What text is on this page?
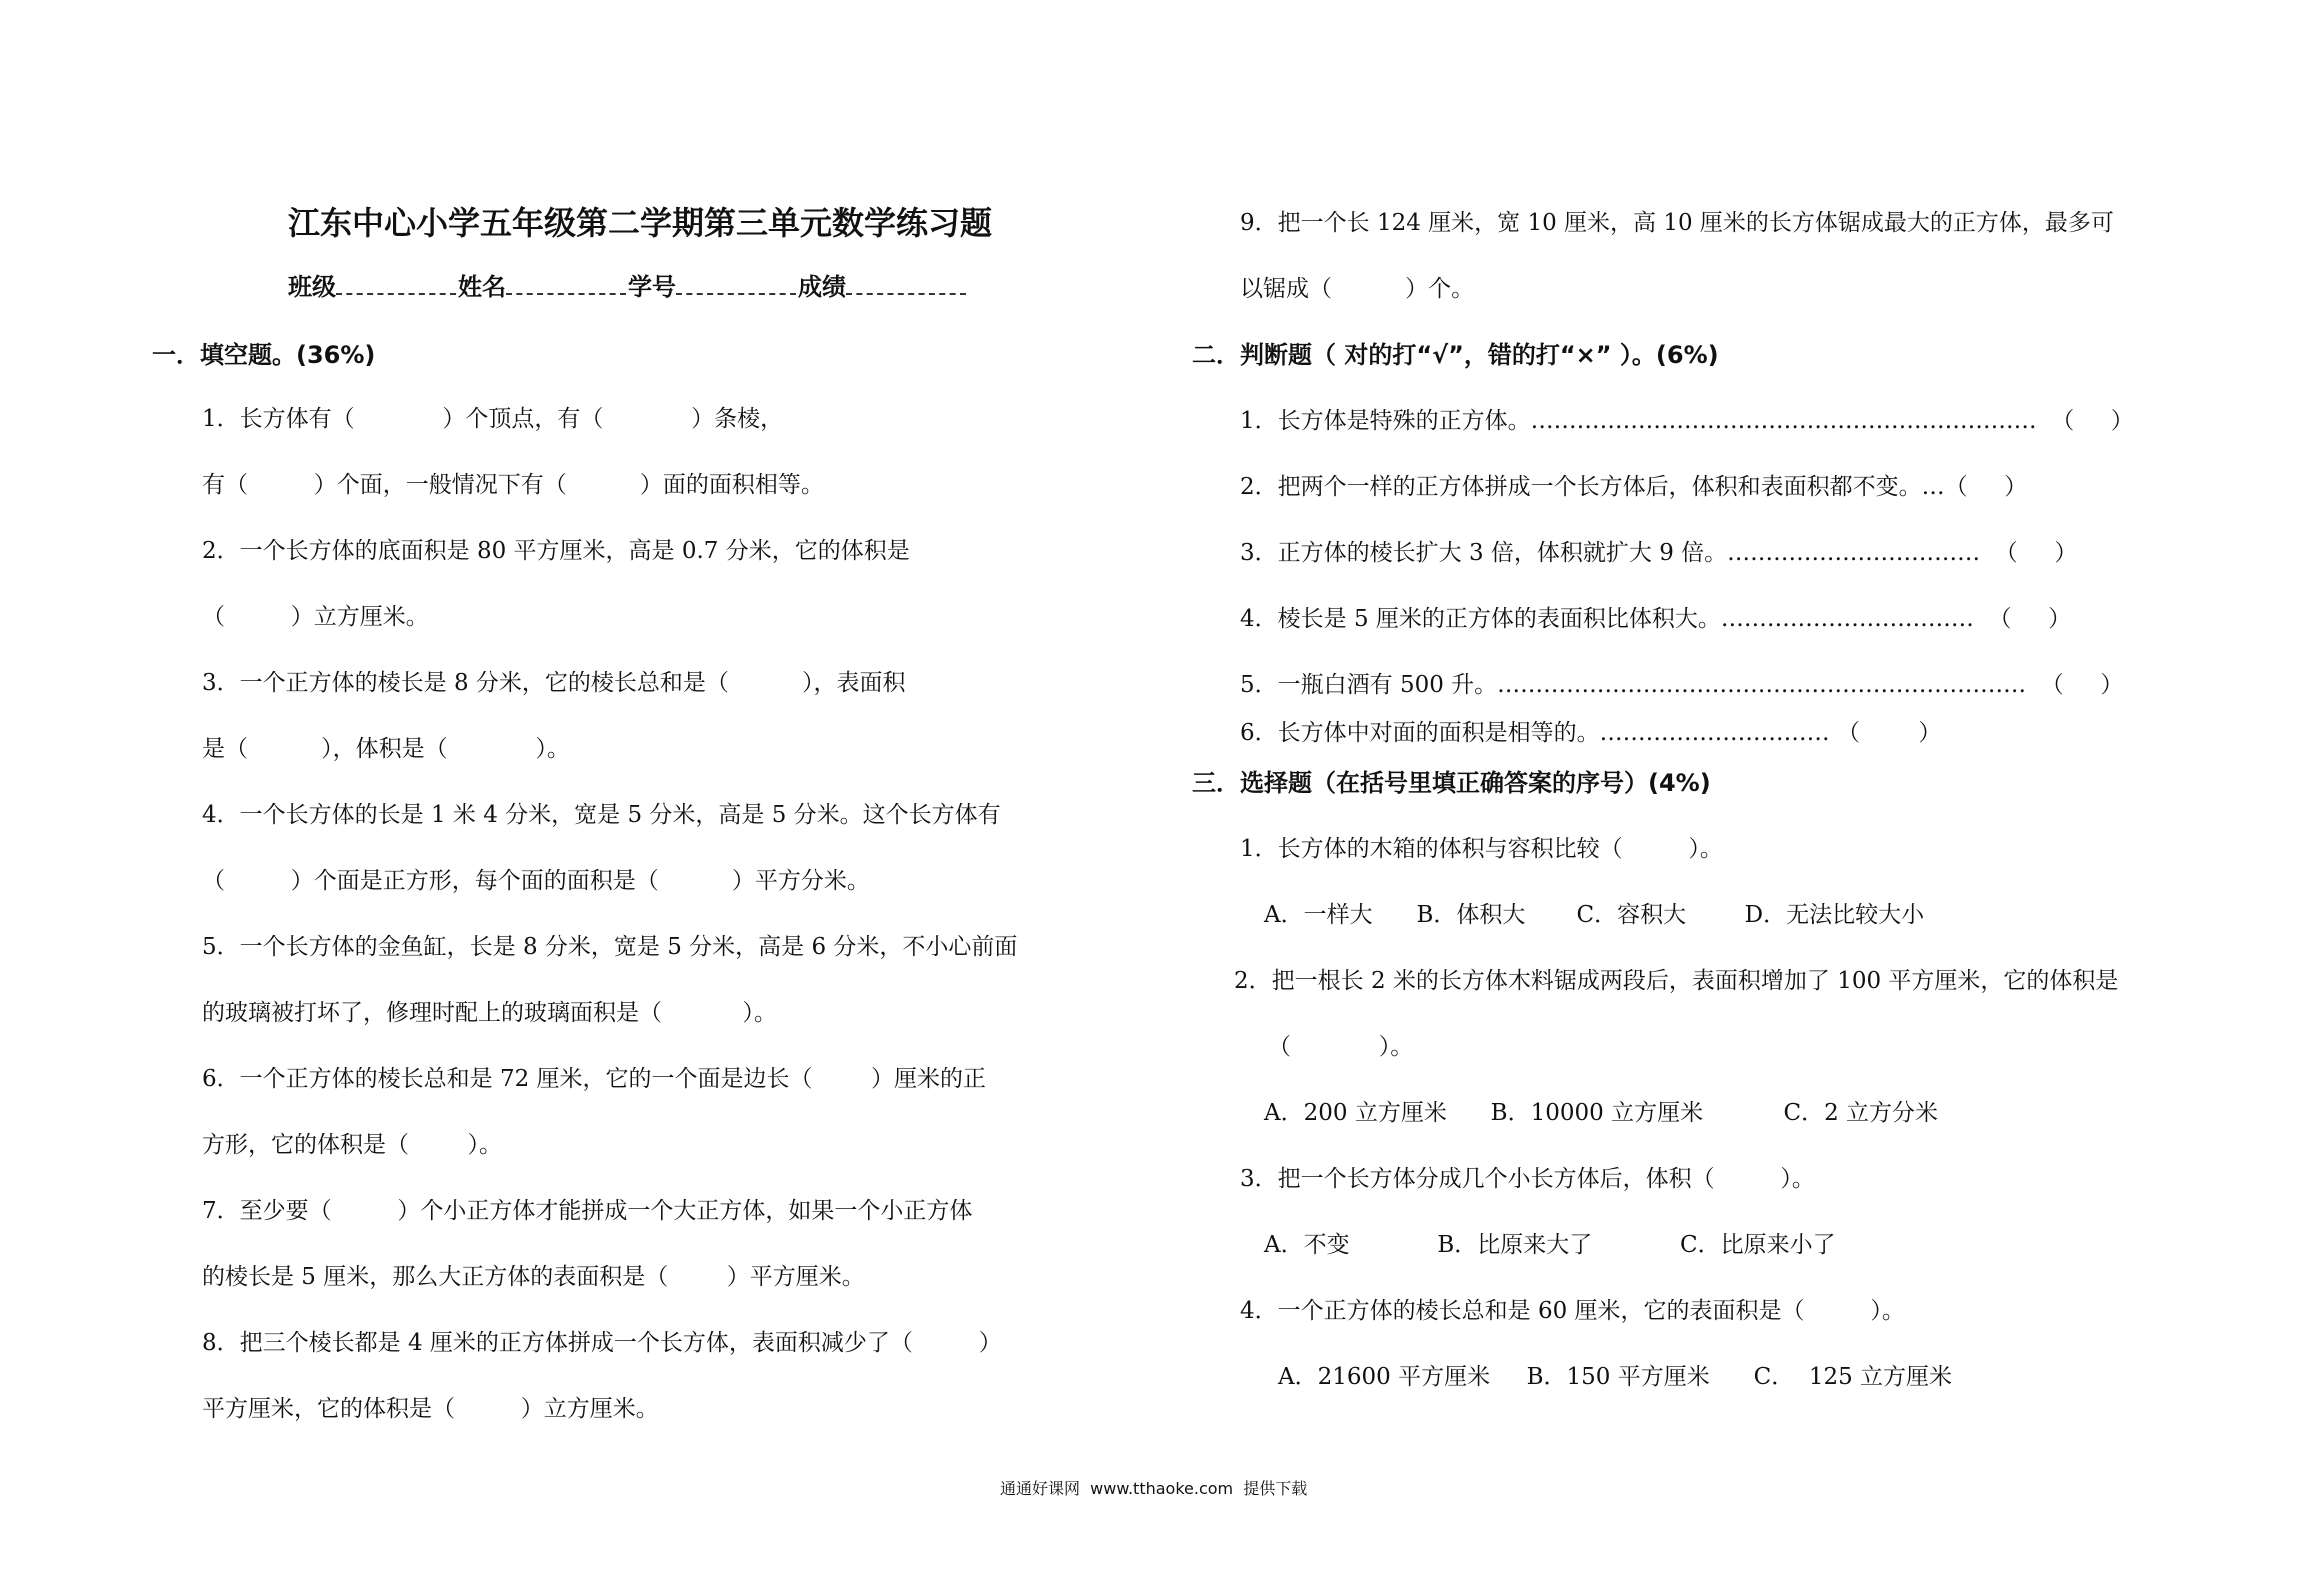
江东中心小学五年级第二学期第三单元数学练习题
班级	姓名	学号	成绩
一．填空题。(36%)
1．长方体有（            ）个顶点，有（            ）条棱，
有（         ）个面，一般情况下有（          ）面的面积相等。
2．一个长方体的底面积是 80 平方厘米，高是 0.7 分米，它的体积是
（         ）立方厘米。
3．一个正方体的棱长是 8 分米，它的棱长总和是（          ），表面积
是（          ），体积是（            ）。
4．一个长方体的长是 1 米 4 分米，宽是 5 分米，高是 5 分米。这个长方体有
（         ）个面是正方形，每个面的面积是（          ）平方分米。
5．一个长方体的金鱼缸，长是 8 分米，宽是 5 分米，高是 6 分米，不小心前面
的玻璃被打坏了，修理时配上的玻璃面积是（           ）。
6．一个正方体的棱长总和是 72 厘米，它的一个面是边长（        ）厘米的正
方形，它的体积是（        ）。
7．至少要（         ）个小正方体才能拼成一个大正方体，如果一个小正方体
的棱长是 5 厘米，那么大正方体的表面积是（        ）平方厘米。
8．把三个棱长都是 4 厘米的正方体拼成一个长方体，表面积减少了（         ）
平方厘米，它的体积是（         ）立方厘米。
9．把一个长 124 厘米，宽 10 厘米，高 10 厘米的长方体锯成最大的正方体，最多可
以锯成（          ）个。
二．判断题（ 对的打“√”，错的打“×” ）。(6%)
1．长方体是特殊的正方体。…………………………………………………………  （     ）
2．把两个一样的正方体拼成一个长方体后，体积和表面积都不变。…（     ）
3．正方体的棱长扩大 3 倍，体积就扩大 9 倍。……………………………  （     ）
4．棱长是 5 厘米的正方体的表面积比体积大。……………………………  （     ）
5．一瓶白酒有 500 升。……………………………………………………………  （     ）
6．长方体中对面的面积是相等的。………………………… （        ）
三．选择题（在括号里填正确答案的序号）(4%)
1．长方体的木箱的体积与容积比较（         ）。
A．一样大      B．体积大       C．容积大        D．无法比较大小
2．把一根长 2 米的长方体木料锯成两段后，表面积增加了 100 平方厘米，它的体积是
（            ）。
A．200 立方厘米      B．10000 立方厘米           C．2 立方分米
3．把一个长方体分成几个小长方体后，体积（         ）。
A．不变            B．比原来大了            C．比原来小了
4．一个正方体的棱长总和是 60 厘米，它的表面积是（         ）。
A．21600 平方厘米     B．150 平方厘米      C．  125 立方厘米
通通好课网  www.tthaoke.com  提供下载
